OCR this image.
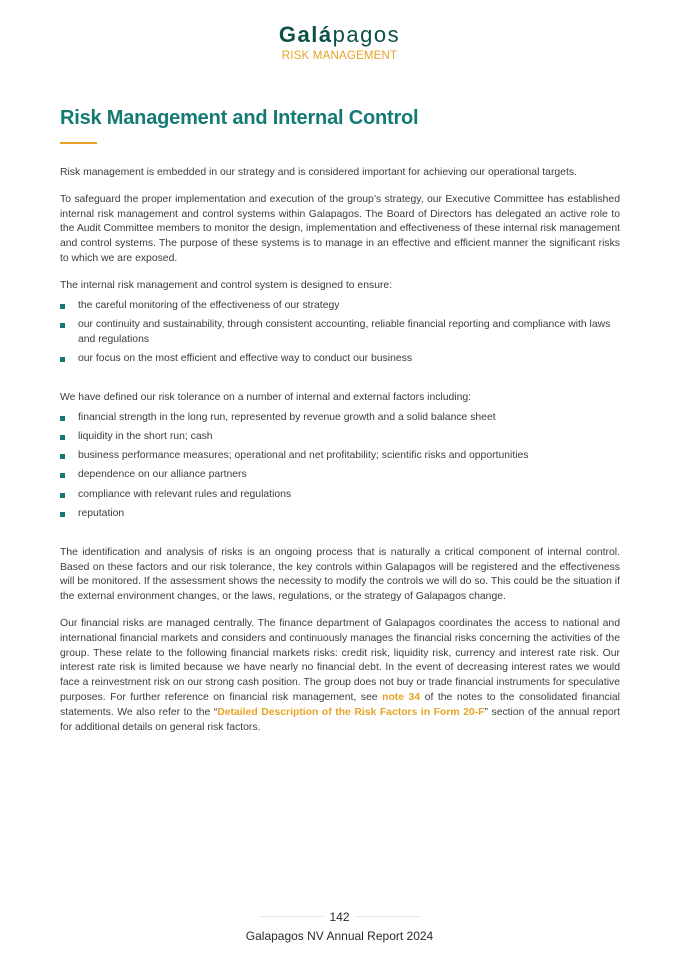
Galápagos
RISK MANAGEMENT
Risk Management and Internal Control

Risk management is embedded in our strategy and is considered important for achieving our operational targets.

To safeguard the proper implementation and execution of the group’s strategy, our Executive Committee has established internal risk management and control systems within Galapagos. The Board of Directors has delegated an active role to the Audit Committee members to monitor the design, implementation and effectiveness of these internal risk management and control systems. The purpose of these systems is to manage in an effective and efficient manner the significant risks to which we are exposed.

The internal risk management and control system is designed to ensure:

the careful monitoring of the effectiveness of our strategy
our continuity and sustainability, through consistent accounting, reliable financial reporting and compliance with laws and regulations
our focus on the most efficient and effective way to conduct our business

We have defined our risk tolerance on a number of internal and external factors including:

financial strength in the long run, represented by revenue growth and a solid balance sheet
liquidity in the short run; cash
business performance measures; operational and net profitability; scientific risks and opportunities
dependence on our alliance partners
compliance with relevant rules and regulations
reputation

The identification and analysis of risks is an ongoing process that is naturally a critical component of internal control. Based on these factors and our risk tolerance, the key controls within Galapagos will be registered and the effectiveness will be monitored. If the assessment shows the necessity to modify the controls we will do so. This could be the situation if the external environment changes, or the laws, regulations, or the strategy of Galapagos change.

Our financial risks are managed centrally. The finance department of Galapagos coordinates the access to national and international financial markets and considers and continuously manages the financial risks concerning the activities of the group. These relate to the following financial markets risks: credit risk, liquidity risk, currency and interest rate risk. Our interest rate risk is limited because we have nearly no financial debt. In the event of decreasing interest rates we would face a reinvestment risk on our strong cash position. The group does not buy or trade financial instruments for speculative purposes. For further reference on financial risk management, see note 34 of the notes to the consolidated financial statements. We also refer to the “Detailed Description of the Risk Factors in Form 20-F” section of the annual report for additional details on general risk factors.

142
Galapagos NV Annual Report 2024
